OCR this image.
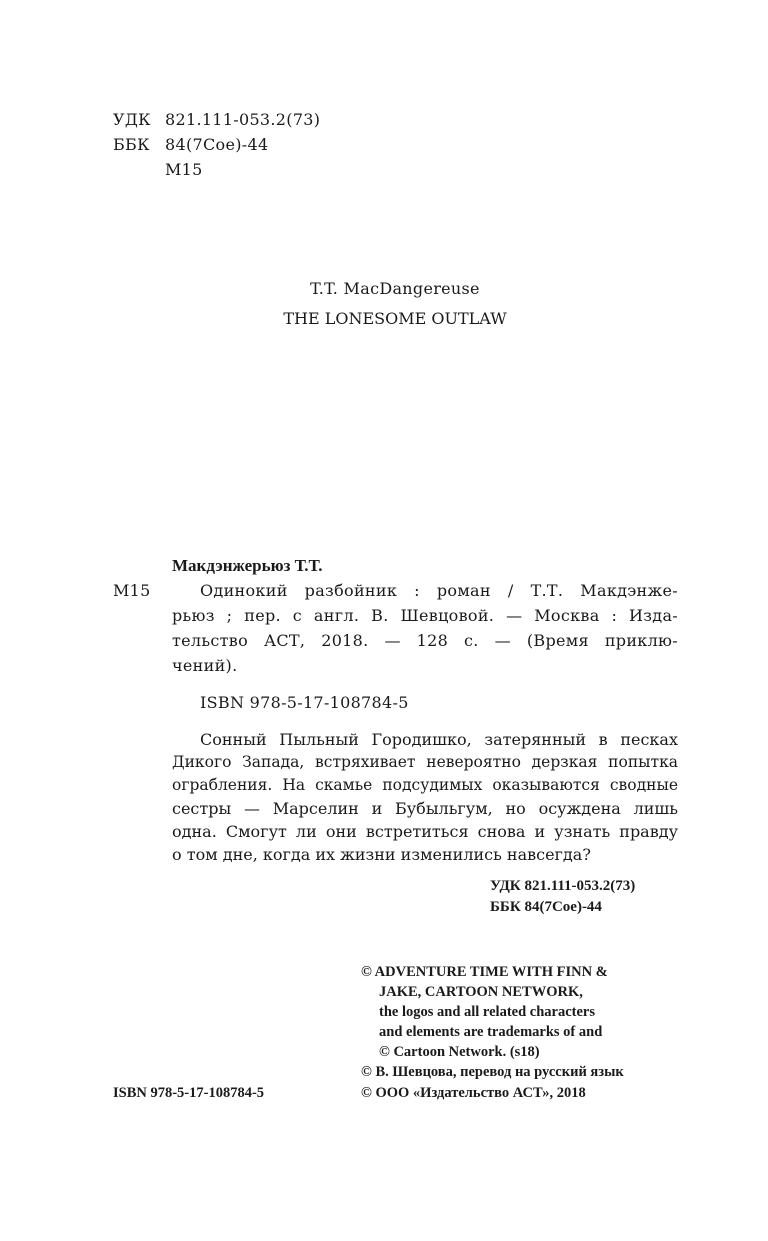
УДК 821.111-053.2(73)
ББК 84(7Сое)-44
М15
T.T. MacDangereuse
THE LONESOME OUTLAW
Макдэнжерьюз Т.Т.
М15	Одинокий разбойник : роман / Т.Т. Макдэнже-
рьюз ; пер. с англ. В. Шевцовой. — Москва : Изда-
тельство АСТ, 2018. — 128 с. — (Время приклю-
чений).
ISBN 978-5-17-108784-5
Сонный Пыльный Городишко, затерянный в песках
Дикого Запада, встряхивает невероятно дерзкая попытка
ограбления. На скамье подсудимых оказываются сводные
сестры — Марселин и Бубыльгум, но осуждена лишь
одна. Смогут ли они встретиться снова и узнать правду
о том дне, когда их жизни изменились навсегда?
УДК 821.111-053.2(73)
ББК 84(7Сое)-44
© ADVENTURE TIME WITH FINN &
JAKE, CARTOON NETWORK,
the logos and all related characters
and elements are trademarks of and
© Cartoon Network. (s18)
© В. Шевцова, перевод на русский язык
© ООО «Издательство АСТ», 2018
ISBN 978-5-17-108784-5
